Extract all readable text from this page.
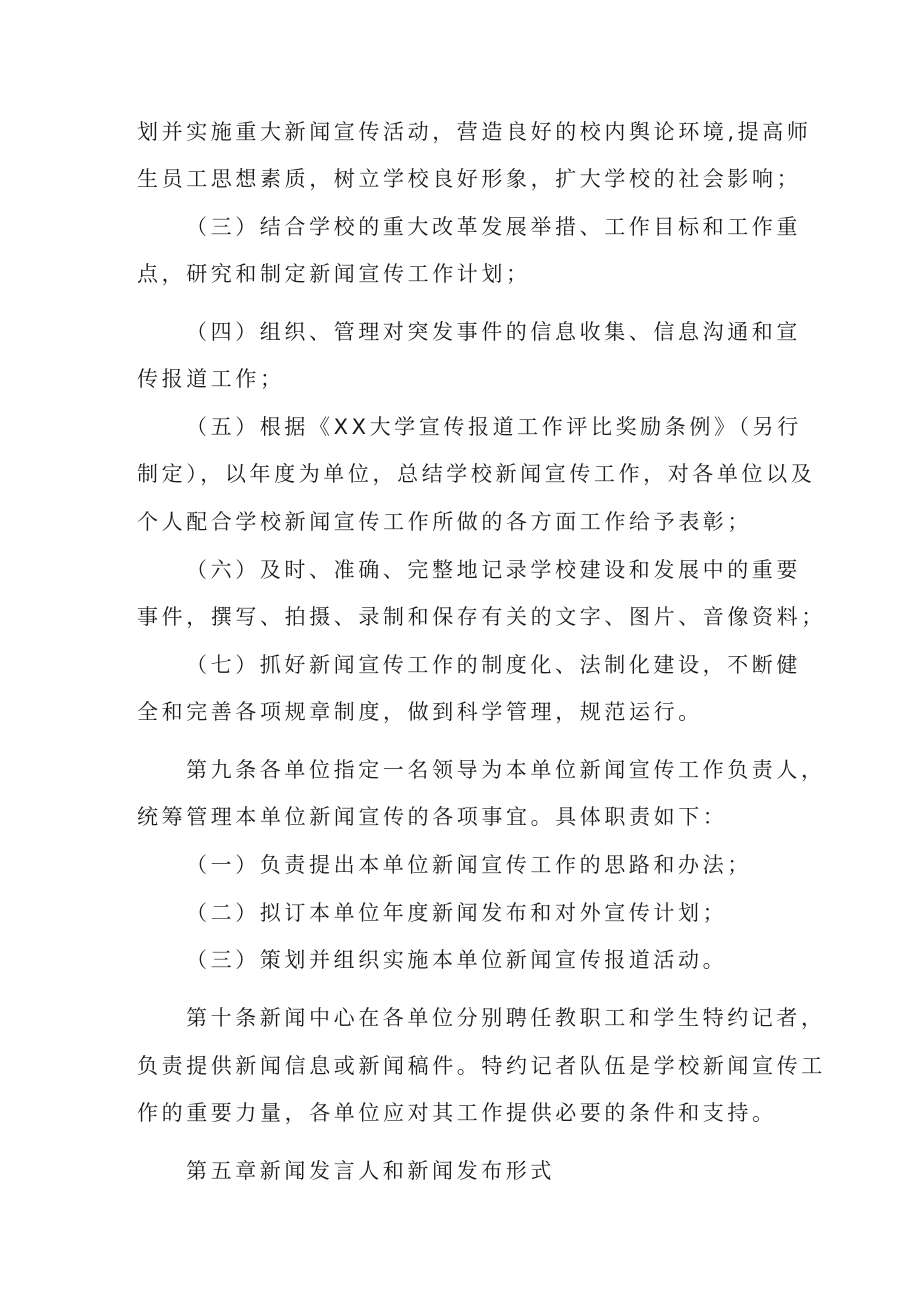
划并实施重大新闻宣传活动，营造良好的校内舆论环境,提高师
生员工思想素质，树立学校良好形象，扩大学校的社会影响；
（三）结合学校的重大改革发展举措、工作目标和工作重
点，研究和制定新闻宣传工作计划；
（四）组织、管理对突发事件的信息收集、信息沟通和宣
传报道工作；
（五）根据《XX大学宣传报道工作评比奖励条例》（另行
制定），以年度为单位，总结学校新闻宣传工作，对各单位以及
个人配合学校新闻宣传工作所做的各方面工作给予表彰；
（六）及时、准确、完整地记录学校建设和发展中的重要
事件，撰写、拍摄、录制和保存有关的文字、图片、音像资料；
（七）抓好新闻宣传工作的制度化、法制化建设，不断健
全和完善各项规章制度，做到科学管理，规范运行。
第九条各单位指定一名领导为本单位新闻宣传工作负责人，
统筹管理本单位新闻宣传的各项事宜。具体职责如下：
（一）负责提出本单位新闻宣传工作的思路和办法；
（二）拟订本单位年度新闻发布和对外宣传计划；
（三）策划并组织实施本单位新闻宣传报道活动。
第十条新闻中心在各单位分别聘任教职工和学生特约记者，
负责提供新闻信息或新闻稿件。特约记者队伍是学校新闻宣传工
作的重要力量，各单位应对其工作提供必要的条件和支持。
第五章新闻发言人和新闻发布形式
